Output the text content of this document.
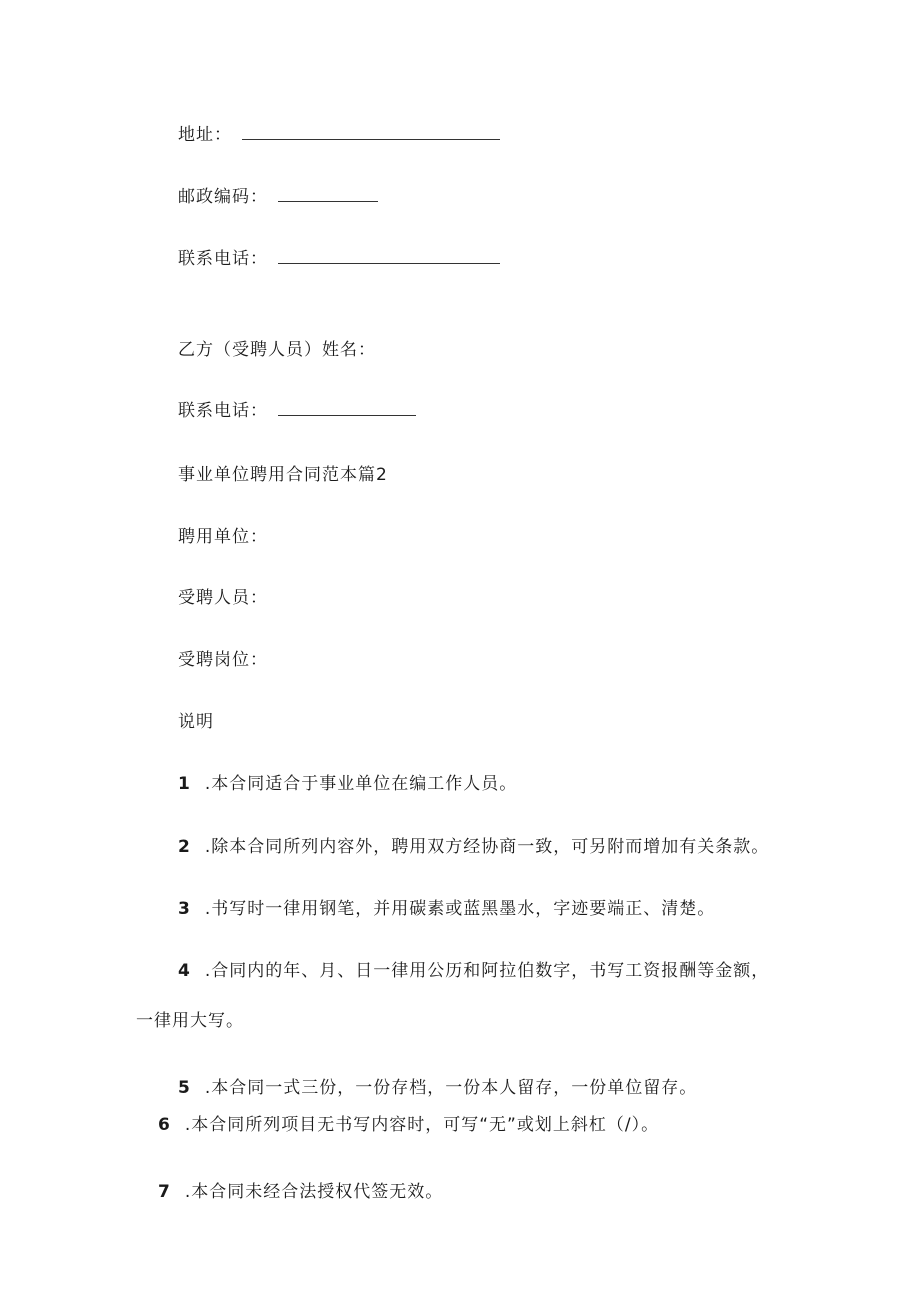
地址：
邮政编码：
联系电话：
乙方（受聘人员）姓名：
联系电话：
事业单位聘用合同范本篇2
聘用单位：
受聘人员：
受聘岗位：
说明
1 .本合同适合于事业单位在编工作人员。
2 .除本合同所列内容外，聘用双方经协商一致，可另附而增加有关条款。
3 .书写时一律用钢笔，并用碳素或蓝黑墨水，字迹要端正、清楚。
4 .合同内的年、月、日一律用公历和阿拉伯数字，书写工资报酬等金额，
一律用大写。
5 .本合同一式三份，一份存档，一份本人留存，一份单位留存。
6 .本合同所列项目无书写内容时，可写“无”或划上斜杠（/）。
7 .本合同未经合法授权代签无效。
